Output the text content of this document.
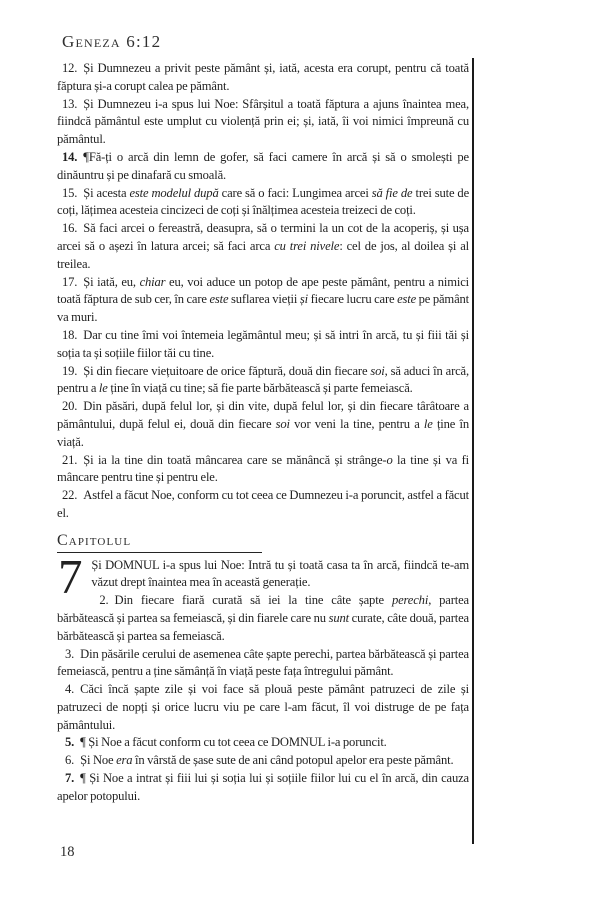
Geneza 6:12

12. Și Dumnezeu a privit peste pământ și, iată, acesta era corupt, pentru că toată făptura și-a corupt calea pe pământ.

13. Și Dumnezeu i-a spus lui Noe: Sfârșitul a toată făptura a ajuns înaintea mea, fiindcă pământul este umplut cu violență prin ei; și, iată, îi voi nimici împreună cu pământul.

14. ¶Fă-ți o arcă din lemn de gofer, să faci camere în arcă și să o smolești pe dinăuntru și pe dinafară cu smoală.

15. Și acesta este modelul după care să o faci: Lungimea arcei să fie de trei sute de coți, lățimea acesteia cincizeci de coți și înălțimea acesteia treizeci de coți.

16. Să faci arcei o fereastră, deasupra, să o termini la un cot de la acoperiș, și ușa arcei să o așezi în latura arcei; să faci arca cu trei nivele: cel de jos, al doilea și al treilea.

17. Și iată, eu, chiar eu, voi aduce un potop de ape peste pământ, pentru a nimici toată făptura de sub cer, în care este suflarea vieții și fiecare lucru care este pe pământ va muri.

18. Dar cu tine îmi voi întemeia legământul meu; și să intri în arcă, tu și fiii tăi și soția ta și soțiile fiilor tăi cu tine.

19. Și din fiecare viețuitoare de orice făptură, două din fiecare soi, să aduci în arcă, pentru a le ține în viață cu tine; să fie parte bărbătească și parte femeiască.

20. Din păsări, după felul lor, și din vite, după felul lor, și din fiecare târâtoare a pământului, după felul ei, două din fiecare soi vor veni la tine, pentru a le ține în viață.

21. Și ia la tine din toată mâncarea care se mănâncă și strânge-o la tine și va fi mâncare pentru tine și pentru ele.

22. Astfel a făcut Noe, conform cu tot ceea ce Dumnezeu i-a poruncit, astfel a făcut el.

Capitolul

7 Și DOMNUL i-a spus lui Noe: Intră tu și toată casa ta în arcă, fiindcă te-am văzut drept înaintea mea în această generație.

2. Din fiecare fiară curată să iei la tine câte șapte perechi, partea bărbătească și partea sa femeiască, și din fiarele care nu sunt curate, câte două, partea bărbătească și partea sa femeiască.

3. Din păsările cerului de asemenea câte șapte perechi, partea bărbătească și partea femeiască, pentru a ține sămânță în viață peste fața întregului pământ.

4. Căci încă șapte zile și voi face să plouă peste pământ patruzeci de zile și patruzeci de nopți și orice lucru viu pe care l-am făcut, îl voi distruge de pe fața pământului.

5. ¶ Și Noe a făcut conform cu tot ceea ce DOMNUL i-a poruncit.

6. Și Noe era în vârstă de șase sute de ani când potopul apelor era peste pământ.

7. ¶ Și Noe a intrat și fiii lui și soția lui și soțiile fiilor lui cu el în arcă, din cauza apelor potopului.

18
